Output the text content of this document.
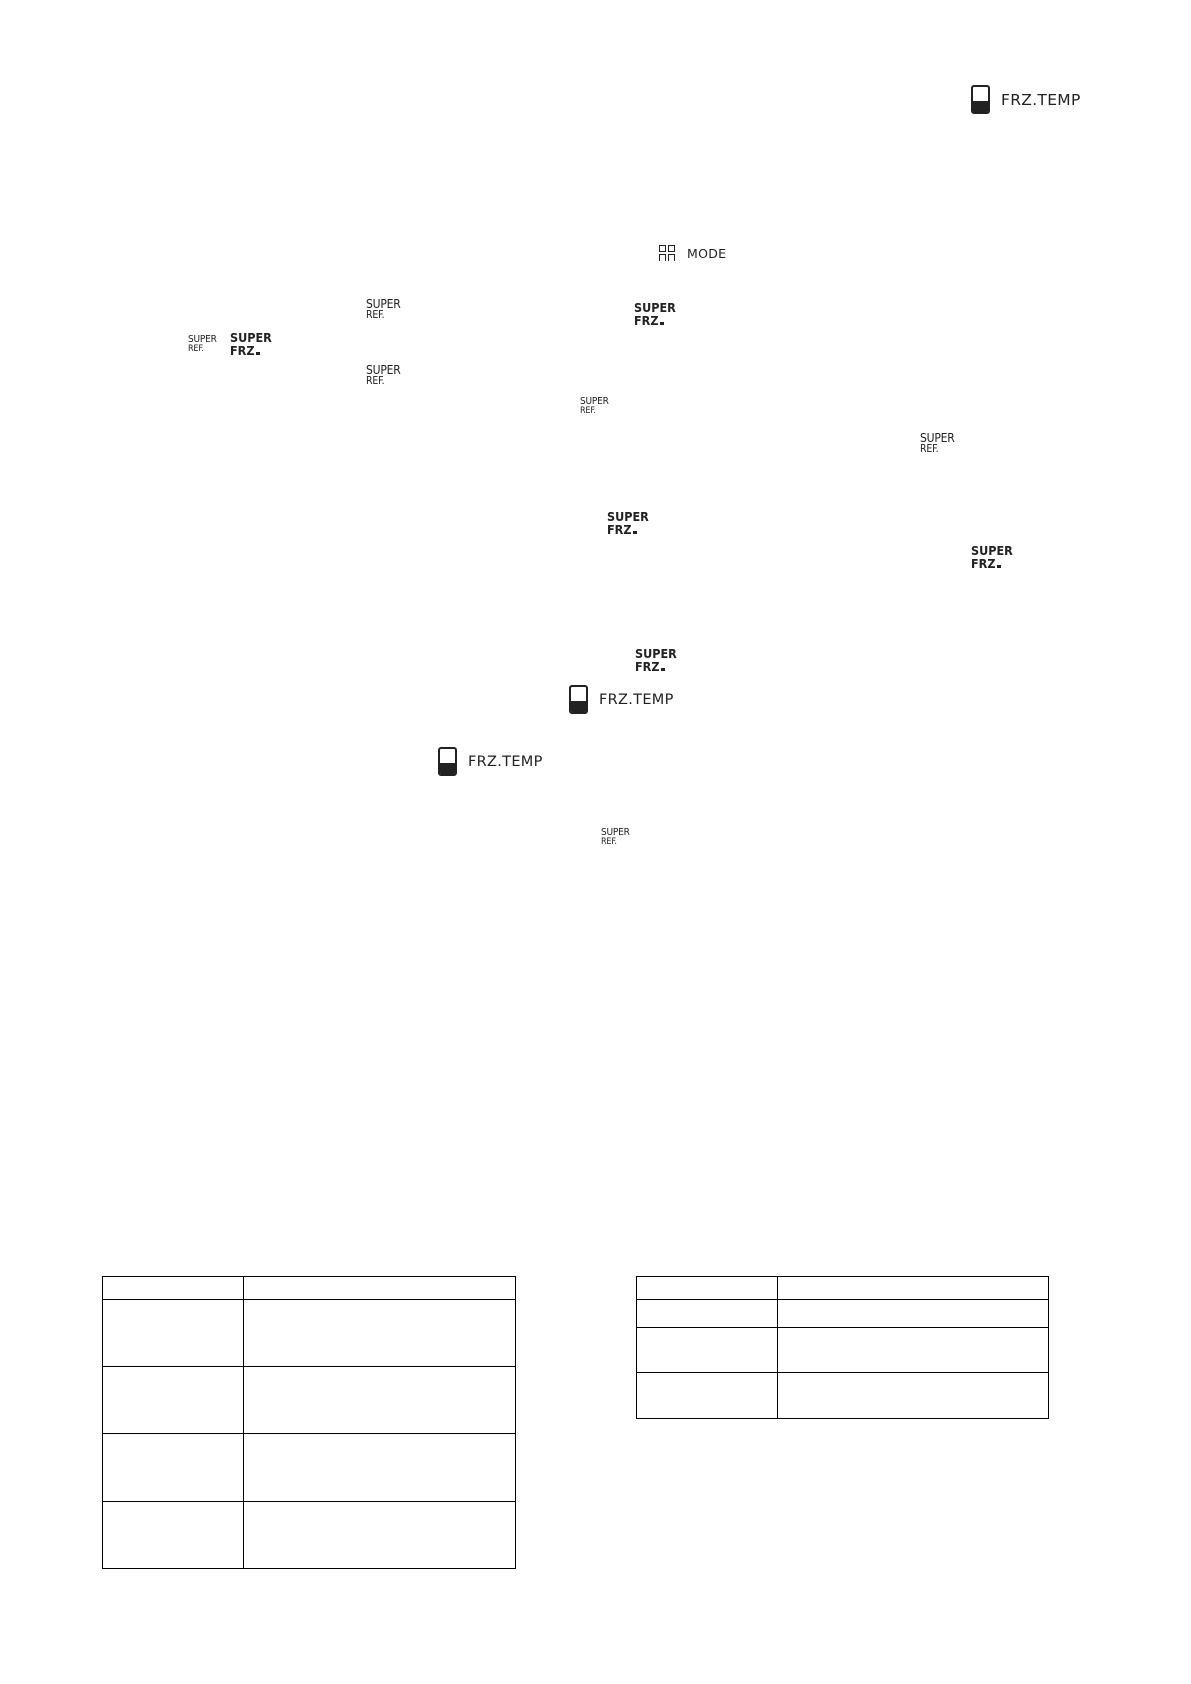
FRZ.TEMP
MODE
SUPER
REF.	SUPER
FRZ
SUPER
REF.
SUPER
FRZ
SUPER
REF.
SUPER
REF.
SUPER
REF.
SUPER
FRZ
SUPER
FRZ
SUPER
FRZ
FRZ.TEMP
FRZ.TEMP
SUPER
REF.
